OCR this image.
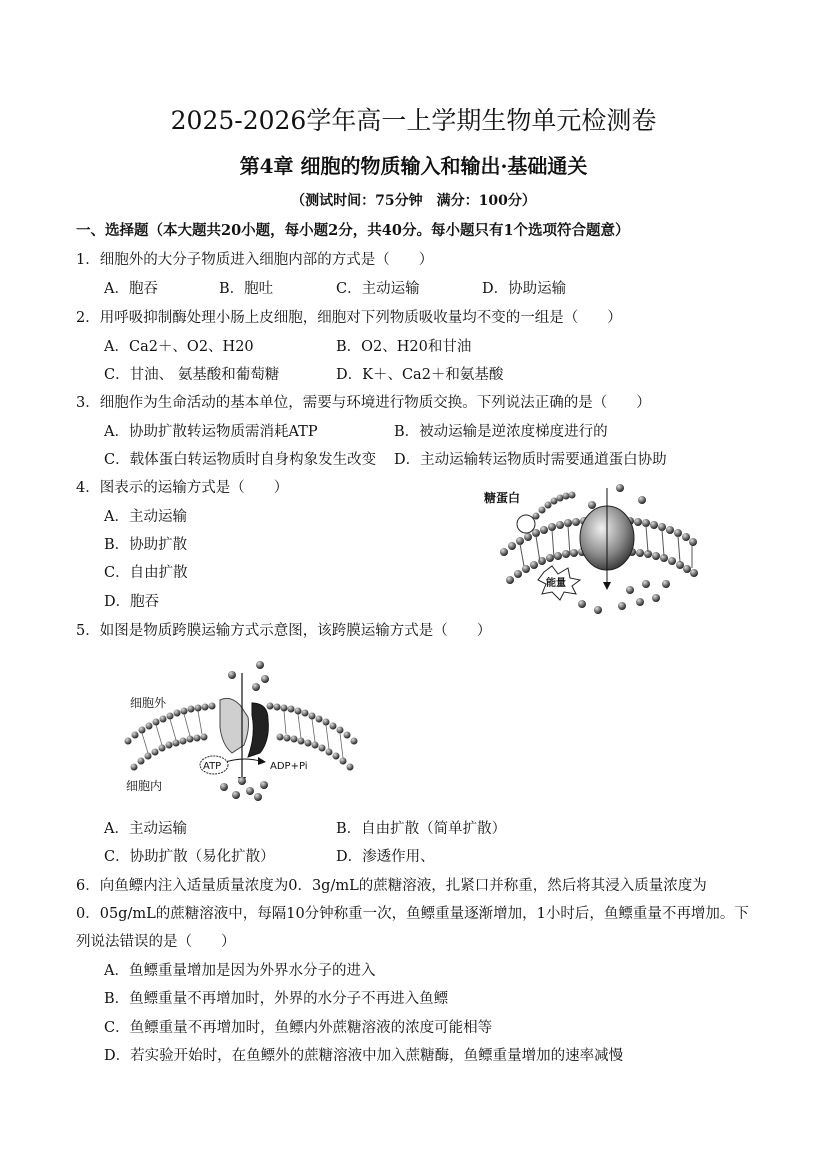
2025-2026学年高一上学期生物单元检测卷
第4章 细胞的物质输入和输出·基础通关
（测试时间：75分钟　满分：100分）
一、选择题（本大题共20小题，每小题2分，共40分。每小题只有1个选项符合题意）
1．细胞外的大分子物质进入细胞内部的方式是（　　）
A．胞吞	B．胞吐	C．主动运输	D．协助运输
2．用呼吸抑制酶处理小肠上皮细胞，细胞对下列物质吸收量均不变的一组是（　　）
A．Ca2＋、O2、H20	B．O2、H20和甘油
C．甘油、 氨基酸和葡萄糖	D．K＋、Ca2＋和氨基酸
3．细胞作为生命活动的基本单位，需要与环境进行物质交换。下列说法正确的是（　　）
A．协助扩散转运物质需消耗ATP	B．被动运输是逆浓度梯度进行的
C．载体蛋白转运物质时自身构象发生改变 D．主动运输转运物质时需要通道蛋白协助
4．图表示的运输方式是（　　）
A．主动运输
B．协助扩散
C．自由扩散
D．胞吞
能量
糖蛋白
5．如图是物质跨膜运输方式示意图，该跨膜运输方式是（　　）
ATP	ADP+Pi
细胞外
细胞内
A．主动运输	B．自由扩散（简单扩散）
C．协助扩散（易化扩散）	D．渗透作用、
6．向鱼鳔内注入适量质量浓度为0．3g/mL的蔗糖溶液，扎紧口并称重，然后将其浸入质量浓度为
0．05g/mL的蔗糖溶液中，每隔10分钟称重一次，鱼鳔重量逐渐增加，1小时后，鱼鳔重量不再增加。下
列说法错误的是（　　）
A．鱼鳔重量增加是因为外界水分子的进入
B．鱼鳔重量不再增加时，外界的水分子不再进入鱼鳔
C．鱼鳔重量不再增加时，鱼鳔内外蔗糖溶液的浓度可能相等
D．若实验开始时，在鱼鳔外的蔗糖溶液中加入蔗糖酶，鱼鳔重量增加的速率减慢
